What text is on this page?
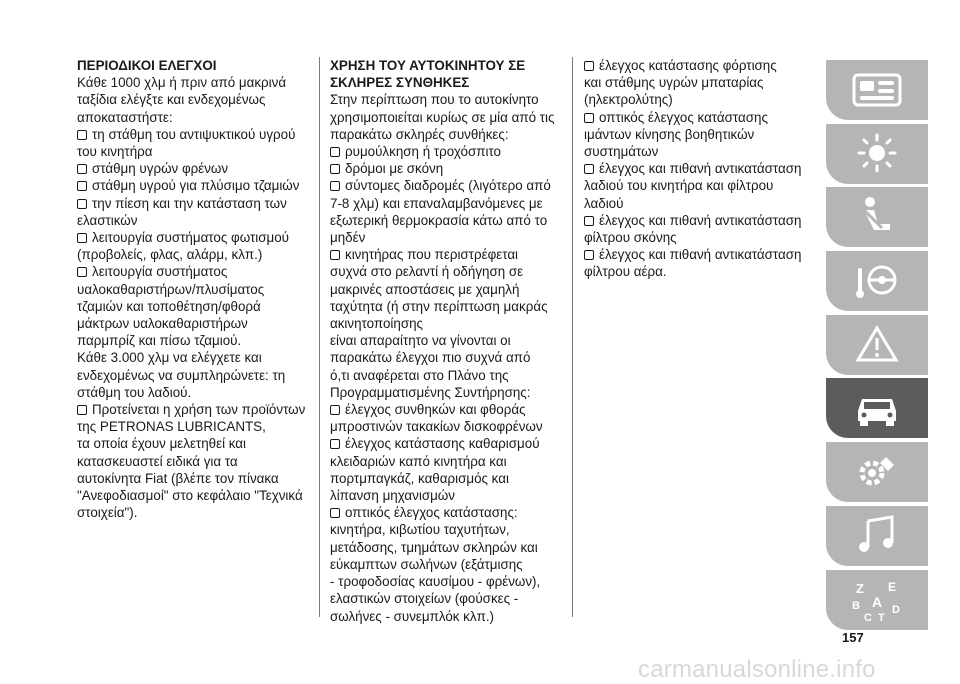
ΠΕΡΙΟΔΙΚΟΙ ΕΛΕΓΧΟΙ
Κάθε 1000 χλμ ή πριν από μακρινά
ταξίδια ελέγξτε και ενδεχομένως
αποκαταστήστε:
τη στάθμη του αντιψυκτικού υγρού
του κινητήρα
στάθμη υγρών φρένων
στάθμη υγρού για πλύσιμο τζαμιών
την πίεση και την κατάσταση των
ελαστικών
λειτουργία συστήματος φωτισμού
(προβολείς, φλας, αλάρμ, κλπ.)
λειτουργία συστήματος
υαλοκαθαριστήρων/πλυσίματος
τζαμιών και τοποθέτηση/φθορά
μάκτρων υαλοκαθαριστήρων
παρμπρίζ και πίσω τζαμιού.
Κάθε 3.000 χλμ να ελέγχετε και
ενδεχομένως να συμπληρώνετε: τη
στάθμη του λαδιού.
Προτείνεται η χρήση των προϊόντων
της PETRONAS LUBRICANTS,
τα οποία έχουν μελετηθεί και
κατασκευαστεί ειδικά για τα
αυτοκίνητα Fiat (βλέπε τον πίνακα
"Ανεφοδιασμοί" στο κεφάλαιο "Τεχνικά
στοιχεία").
ΧΡΗΣΗ ΤΟΥ ΑΥΤΟΚΙΝΗΤΟΥ ΣΕ
ΣΚΛΗΡΕΣ ΣΥΝΘΗΚΕΣ
Στην περίπτωση που το αυτοκίνητο
χρησιμοποιείται κυρίως σε μία από τις
παρακάτω σκληρές συνθήκες:
ρυμούλκηση ή τροχόσπιτο
δρόμοι με σκόνη
σύντομες διαδρομές (λιγότερο από
7-8 χλμ) και επαναλαμβανόμενες με
εξωτερική θερμοκρασία κάτω από το
μηδέν
κινητήρας που περιστρέφεται
συχνά στο ρελαντί ή οδήγηση σε
μακρινές αποστάσεις με χαμηλή
ταχύτητα (ή στην περίπτωση μακράς
ακινητοποίησης
είναι απαραίτητο να γίνονται οι
παρακάτω έλεγχοι πιο συχνά από
ό,τι αναφέρεται στο Πλάνο της
Προγραμματισμένης Συντήρησης:
έλεγχος συνθηκών και φθοράς
μπροστινών τακακίων δισκοφρένων
έλεγχος κατάστασης καθαρισμού
κλειδαριών καπό κινητήρα και
πορτμπαγκάζ, καθαρισμός και
λίπανση μηχανισμών
οπτικός έλεγχος κατάστασης:
κινητήρα, κιβωτίου ταχυτήτων,
μετάδοσης, τμημάτων σκληρών και
εύκαμπτων σωλήνων (εξάτμισης
- τροφοδοσίας καυσίμου - φρένων),
ελαστικών στοιχείων (φούσκες -
σωλήνες - συνεμπλόκ κλπ.)
έλεγχος κατάστασης φόρτισης
και στάθμης υγρών μπαταρίας
(ηλεκτρολύτης)
οπτικός έλεγχος κατάστασης
ιμάντων κίνησης βοηθητικών
συστημάτων
έλεγχος και πιθανή αντικατάσταση
λαδιού του κινητήρα και φίλτρου
λαδιού
έλεγχος και πιθανή αντικατάσταση
φίλτρου σκόνης
έλεγχος και πιθανή αντικατάσταση
φίλτρου αέρα.
Z E
B A
C T
D
157
carmanualsonline.info
